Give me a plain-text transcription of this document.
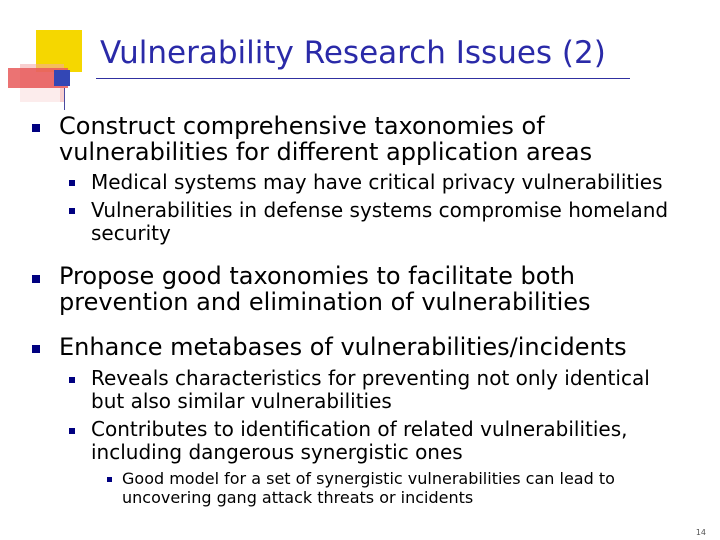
Vulnerability Research Issues (2)
Construct comprehensive taxonomies of
vulnerabilities for different application areas
Medical systems may have critical privacy vulnerabilities
Vulnerabilities in defense systems compromise homeland
security
Propose good taxonomies to facilitate both
prevention and elimination of vulnerabilities
Enhance metabases of vulnerabilities/incidents
Reveals characteristics for preventing not only identical
but also similar vulnerabilities
Contributes to identification of related vulnerabilities,
including dangerous synergistic ones
Good model for a set of synergistic vulnerabilities can lead to
uncovering gang attack threats or incidents
14
